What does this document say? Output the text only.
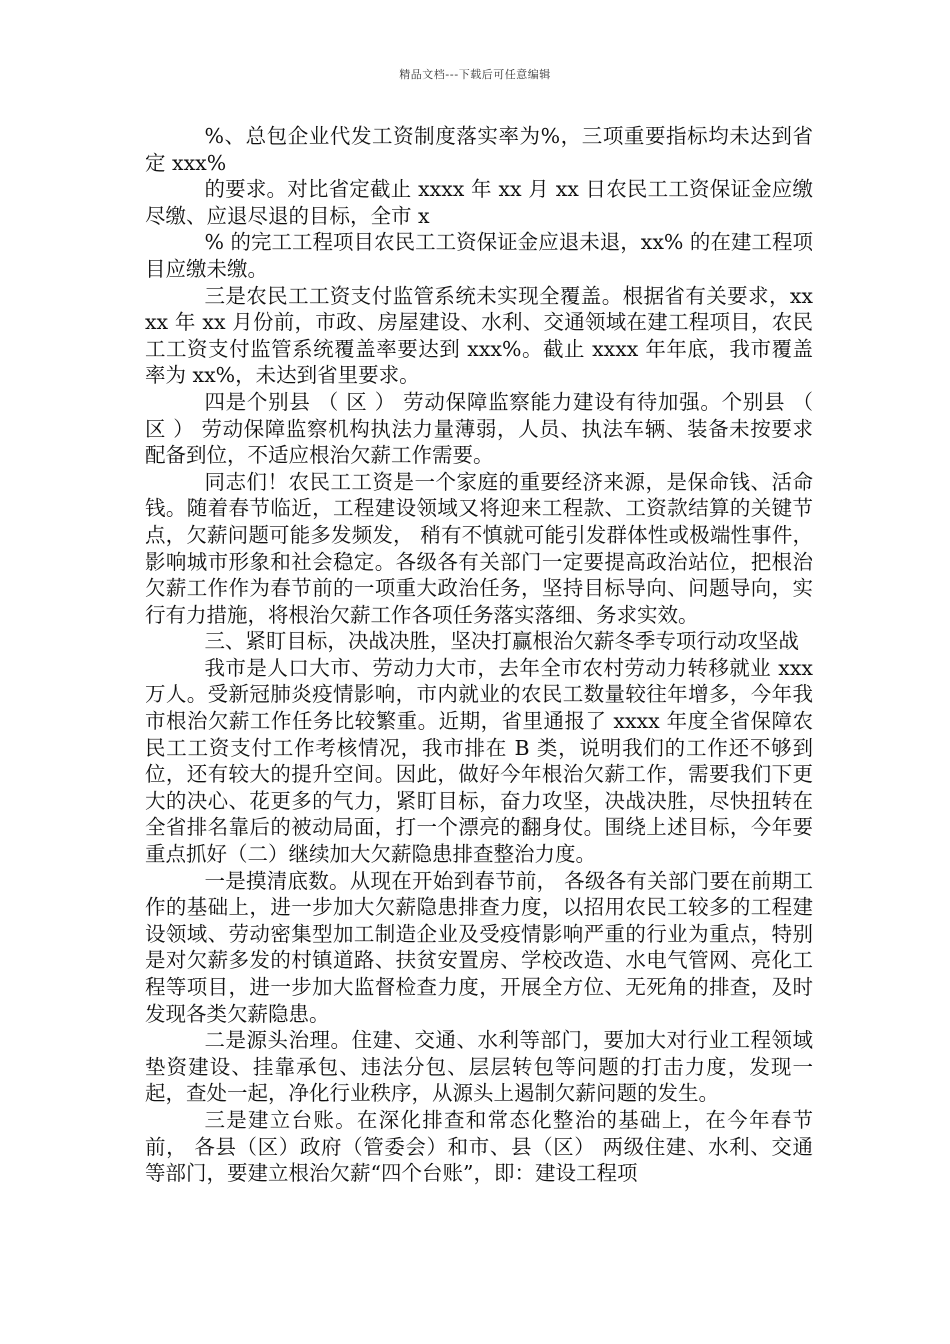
精品文档---下载后可任意编辑

%、总包企业代发工资制度落实率为%，三项重要指标均未达到省定 xxx%

的要求。对比省定截止 xxxx 年 xx 月 xx 日农民工工资保证金应缴尽缴、应退尽退的目标，全市 x

% 的完工工程项目农民工工资保证金应退未退，xx% 的在建工程项目应缴未缴。

三是农民工工资支付监管系统未实现全覆盖。根据省有关要求，xxxx 年 xx 月份前，市政、房屋建设、水利、交通领域在建工程项目，农民工工资支付监管系统覆盖率要达到 xxx%。截止 xxxx 年年底，我市覆盖率为 xx%，未达到省里要求。

四是个别县 （ 区 ） 劳动保障监察能力建设有待加强。个别县 （ 区 ） 劳动保障监察机构执法力量薄弱，人员、执法车辆、装备未按要求配备到位，不适应根治欠薪工作需要。

同志们！农民工工资是一个家庭的重要经济来源，是保命钱、活命钱。随着春节临近，工程建设领域又将迎来工程款、工资款结算的关键节点，欠薪问题可能多发频发， 稍有不慎就可能引发群体性或极端性事件， 影响城市形象和社会稳定。各级各有关部门一定要提高政治站位，把根治欠薪工作作为春节前的一项重大政治任务，坚持目标导向、问题导向，实行有力措施，将根治欠薪工作各项任务落实落细、务求实效。

三、紧盯目标，决战决胜，坚决打赢根治欠薪冬季专项行动攻坚战

我市是人口大市、劳动力大市，去年全市农村劳动力转移就业 xxx 万人。受新冠肺炎疫情影响，市内就业的农民工数量较往年增多，今年我市根治欠薪工作任务比较繁重。近期，省里通报了 xxxx 年度全省保障农民工工资支付工作考核情况，我市排在 B 类，说明我们的工作还不够到位，还有较大的提升空间。因此，做好今年根治欠薪工作，需要我们下更大的决心、花更多的气力，紧盯目标，奋力攻坚，决战决胜，尽快扭转在全省排名靠后的被动局面，打一个漂亮的翻身仗。围绕上述目标，今年要重点抓好（二）继续加大欠薪隐患排查整治力度。

一是摸清底数。从现在开始到春节前， 各级各有关部门要在前期工作的基础上，进一步加大欠薪隐患排查力度，以招用农民工较多的工程建设领域、劳动密集型加工制造企业及受疫情影响严重的行业为重点，特别是对欠薪多发的村镇道路、扶贫安置房、学校改造、水电气管网、亮化工程等项目，进一步加大监督检查力度，开展全方位、无死角的排查，及时发现各类欠薪隐患。

二是源头治理。住建、交通、水利等部门，要加大对行业工程领域垫资建设、挂靠承包、违法分包、层层转包等问题的打击力度，发现一起，查处一起，净化行业秩序，从源头上遏制欠薪问题的发生。

三是建立台账。在深化排查和常态化整治的基础上，在今年春节前， 各县（区）政府（管委会）和市、县（区） 两级住建、水利、交通等部门，要建立根治欠薪“四个台账”，即：建设工程项
